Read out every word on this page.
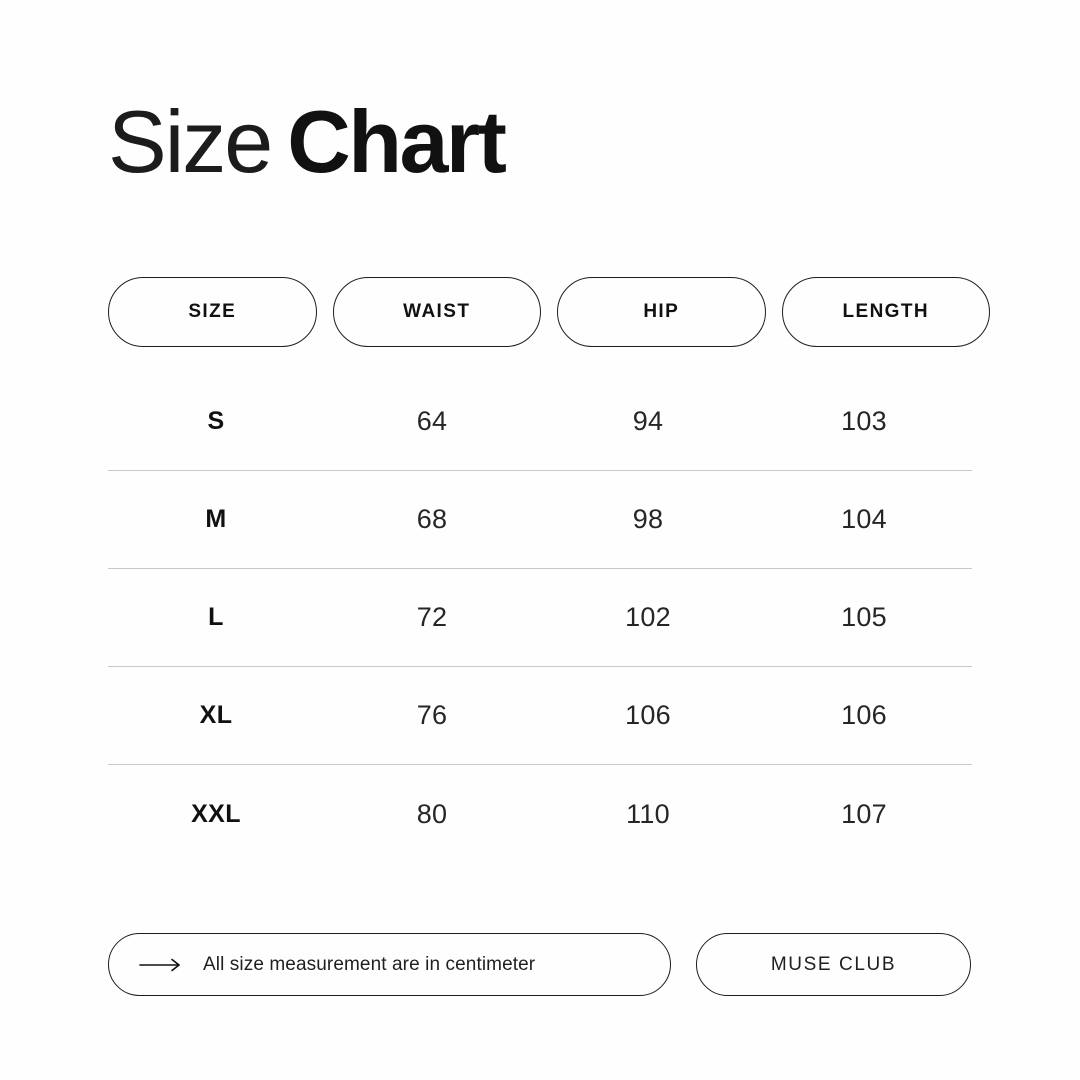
Size Chart
SIZE	WAIST	HIP	LENGTH
S	64	94	103
M	68	98	104
L	72	102	105
XL	76	106	106
XXL	80	110	107
All size measurement are in centimeter	MUSE CLUB
